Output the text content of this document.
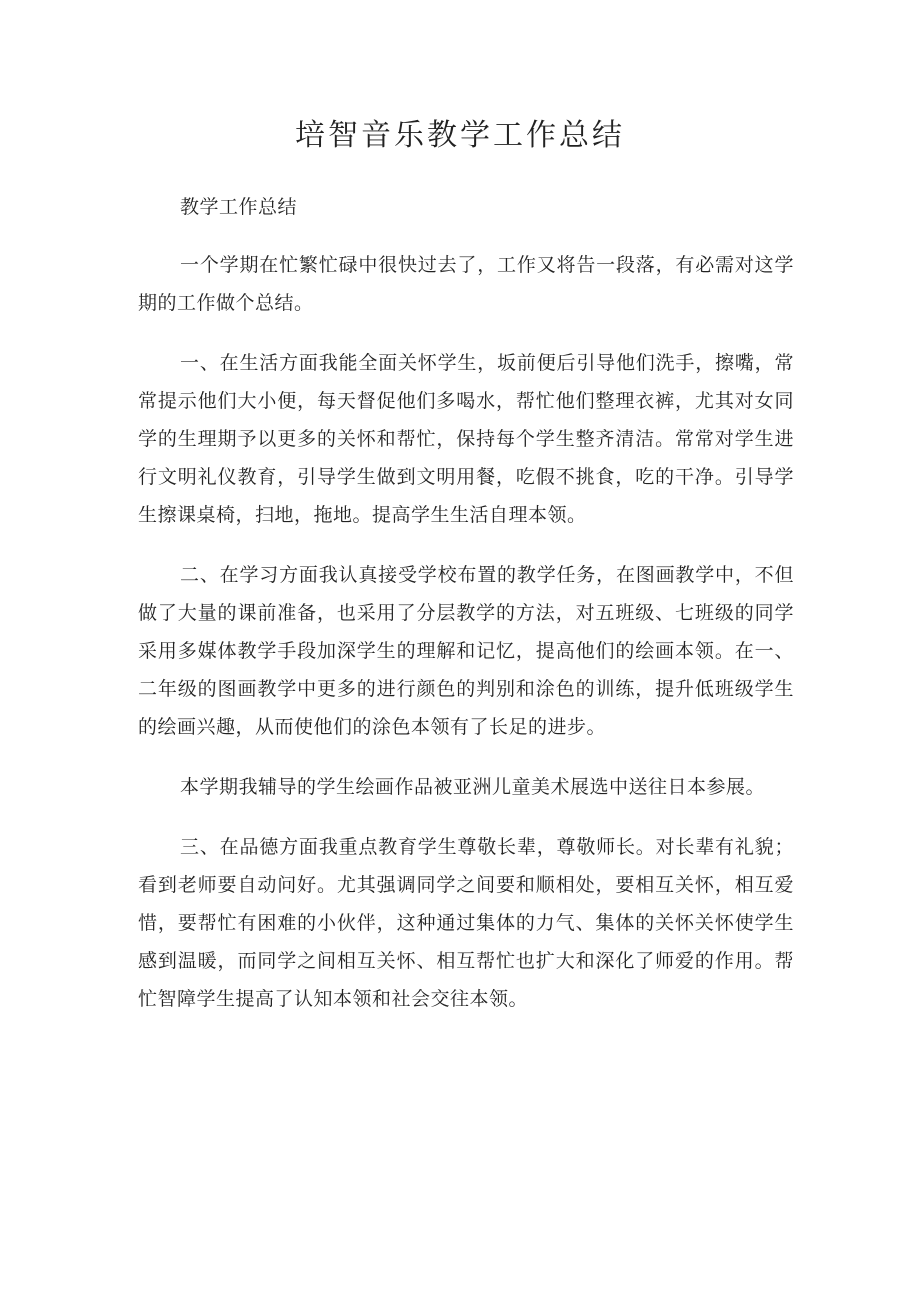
培智音乐教学工作总结

教学工作总结

一个学期在忙繁忙碌中很快过去了，工作又将告一段落，有必需对这学期的工作做个总结。

一、在生活方面我能全面关怀学生，坂前便后引导他们洗手，擦嘴，常常提示他们大小便，每天督促他们多喝水，帮忙他们整理衣裤，尤其对女同学的生理期予以更多的关怀和帮忙，保持每个学生整齐清洁。常常对学生进行文明礼仪教育，引导学生做到文明用餐，吃假不挑食，吃的干净。引导学生擦课桌椅，扫地，拖地。提高学生生活自理本领。

二、在学习方面我认真接受学校布置的教学任务，在图画教学中，不但做了大量的课前准备，也采用了分层教学的方法，对五班级、七班级的同学采用多媒体教学手段加深学生的理解和记忆，提高他们的绘画本领。在一、二年级的图画教学中更多的进行颜色的判别和涂色的训练，提升低班级学生的绘画兴趣，从而使他们的涂色本领有了长足的进步。

本学期我辅导的学生绘画作品被亚洲儿童美术展选中送往日本参展。

三、在品德方面我重点教育学生尊敬长辈，尊敬师长。对长辈有礼貌；看到老师要自动问好。尤其强调同学之间要和顺相处，要相互关怀，相互爱惜，要帮忙有困难的小伙伴，这种通过集体的力气、集体的关怀关怀使学生感到温暖，而同学之间相互关怀、相互帮忙也扩大和深化了师爱的作用。帮忙智障学生提高了认知本领和社会交往本领。
